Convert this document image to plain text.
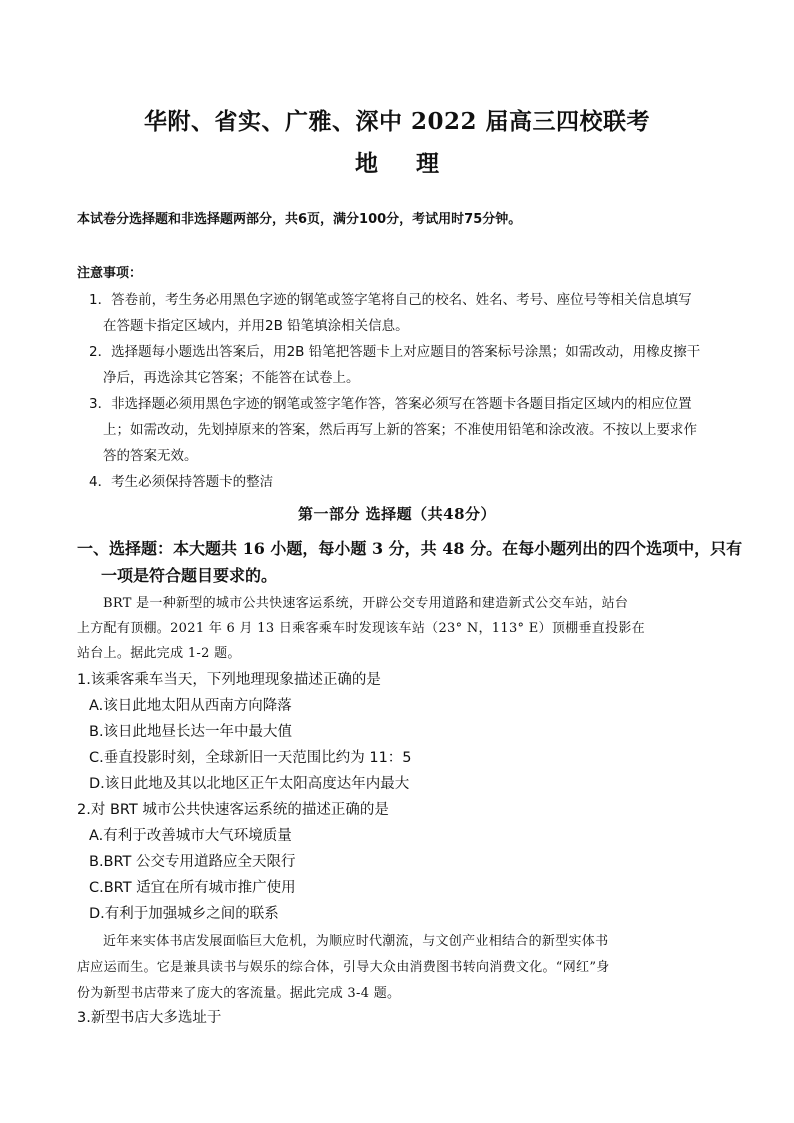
华附、省实、广雅、深中 2022 届高三四校联考
地 理
本试卷分选择题和非选择题两部分，共6页，满分100分，考试用时75分钟。
注意事项：
1．答卷前，考生务必用黑色字迹的钢笔或签字笔将自己的校名、姓名、考号、座位号等相关信息填写
在答题卡指定区域内，并用2B 铅笔填涂相关信息。
2．选择题每小题选出答案后，用2B 铅笔把答题卡上对应题目的答案标号涂黑；如需改动，用橡皮擦干
净后，再选涂其它答案；不能答在试卷上。
3．非选择题必须用黑色字迹的钢笔或签字笔作答，答案必须写在答题卡各题目指定区域内的相应位置
上；如需改动，先划掉原来的答案，然后再写上新的答案；不准使用铅笔和涂改液。不按以上要求作
答的答案无效。
4．考生必须保持答题卡的整洁
第一部分 选择题（共48分）
一、选择题：本大题共 16 小题，每小题 3 分，共 48 分。在每小题列出的四个选项中，只有
一项是符合题目要求的。
BRT 是一种新型的城市公共快速客运系统，开辟公交专用道路和建造新式公交车站，站台
上方配有顶棚。2021 年 6 月 13 日乘客乘车时发现该车站（23° N，113° E）顶棚垂直投影在
站台上。据此完成 1-2 题。
1.该乘客乘车当天，下列地理现象描述正确的是
A.该日此地太阳从西南方向降落
B.该日此地昼长达一年中最大值
C.垂直投影时刻，全球新旧一天范围比约为 11：5
D.该日此地及其以北地区正午太阳高度达年内最大
2.对 BRT 城市公共快速客运系统的描述正确的是
A.有利于改善城市大气环境质量
B.BRT 公交专用道路应全天限行
C.BRT 适宜在所有城市推广使用
D.有利于加强城乡之间的联系
近年来实体书店发展面临巨大危机，为顺应时代潮流，与文创产业相结合的新型实体书
店应运而生。它是兼具读书与娱乐的综合体，引导大众由消费图书转向消费文化。“网红”身
份为新型书店带来了庞大的客流量。据此完成 3-4 题。
3.新型书店大多选址于
